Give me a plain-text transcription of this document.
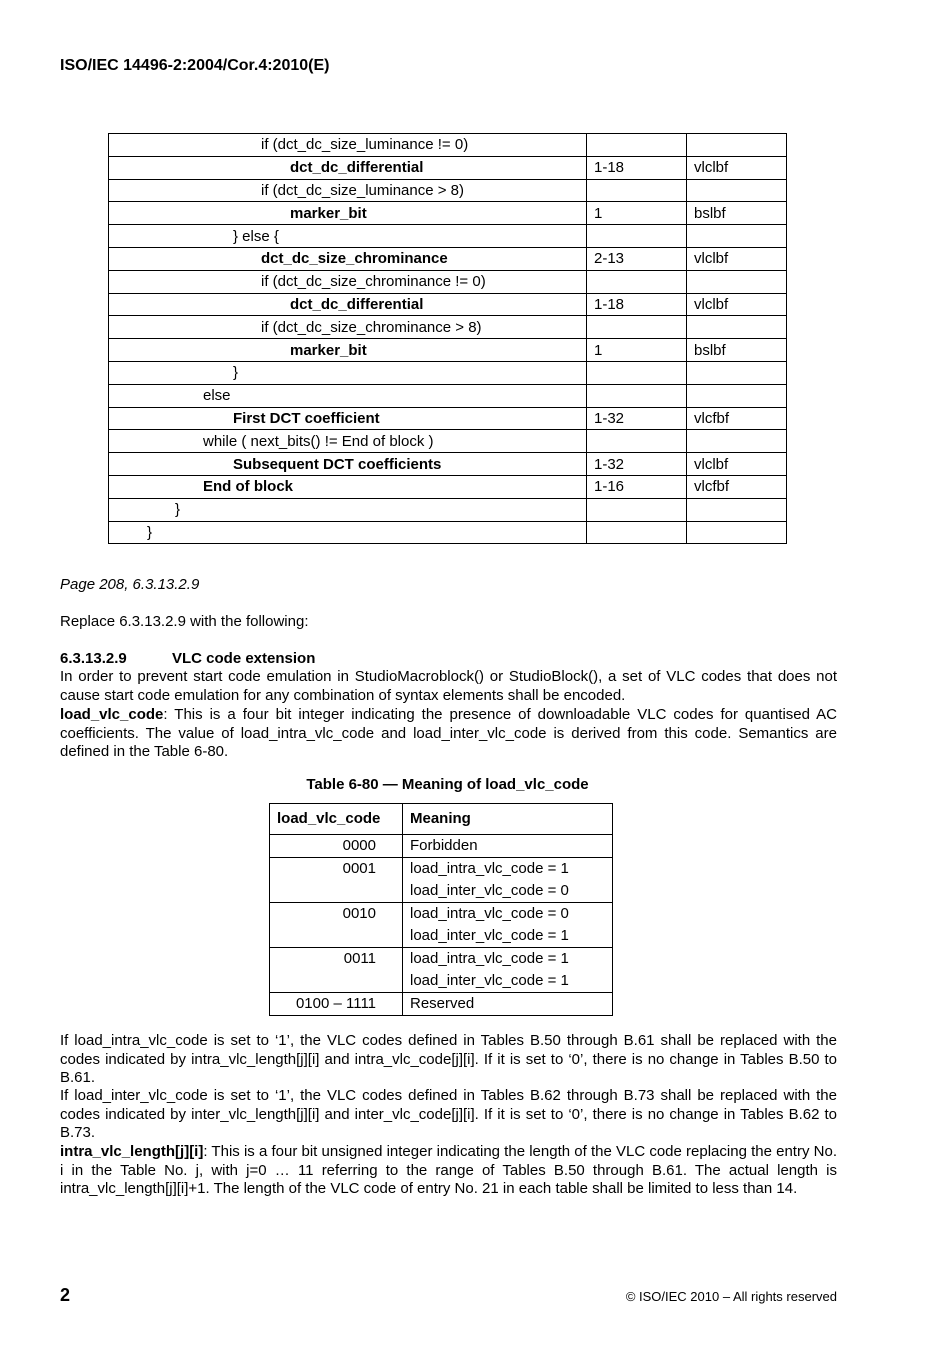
ISO/IEC 14496-2:2004/Cor.4:2010(E)
if (dct_dc_size_luminance != 0)		

dct_dc_differential	1-18	vlclbf

if (dct_dc_size_luminance > 8)		

marker_bit	1	bslbf

} else {		

dct_dc_size_chrominance	2-13	vlclbf

if (dct_dc_size_chrominance != 0)		

dct_dc_differential	1-18	vlclbf

if (dct_dc_size_chrominance > 8)		

marker_bit	1	bslbf

}		

else		

First DCT coefficient	1-32	vlcfbf

while ( next_bits() != End of block )		

Subsequent DCT coefficients	1-32	vlclbf

End of block	1-16	vlcfbf

}		

}		

Page 208, 6.3.13.2.9
Replace 6.3.13.2.9 with the following:
6.3.13.2.9	VLC code extension
In order to prevent start code emulation in StudioMacroblock() or StudioBlock(), a set of VLC codes that does not cause start code emulation for any combination of syntax elements shall be encoded.
load_vlc_code: This is a four bit integer indicating the presence of downloadable VLC codes for quantised AC coefficients. The value of load_intra_vlc_code and load_inter_vlc_code is derived from this code. Semantics are defined in the Table 6-80.
Table 6-80 — Meaning of load_vlc_code
load_vlc_code	Meaning
0000	Forbidden

0001	load_intra_vlc_code = 1
load_inter_vlc_code = 0

0010	load_intra_vlc_code = 0
load_inter_vlc_code = 1

0011	load_intra_vlc_code = 1
load_inter_vlc_code = 1

0100 – 1111	Reserved
If load_intra_vlc_code is set to ‘1’, the VLC codes defined in Tables B.50 through B.61 shall be replaced with the codes indicated by intra_vlc_length[j][i] and intra_vlc_code[j][i]. If it is set to ‘0’, there is no change in Tables B.50 to B.61.
If load_inter_vlc_code is set to ‘1’, the VLC codes defined in Tables B.62 through B.73 shall be replaced with the codes indicated by inter_vlc_length[j][i] and inter_vlc_code[j][i]. If it is set to ‘0’, there is no change in Tables B.62 to B.73.
intra_vlc_length[j][i]: This is a four bit unsigned integer indicating the length of the VLC code replacing the entry No. i in the Table No. j, with j=0 … 11 referring to the range of Tables B.50 through B.61. The actual length is intra_vlc_length[j][i]+1. The length of the VLC code of entry No. 21 in each table shall be limited to less than 14.
2	© ISO/IEC 2010 – All rights reserved
